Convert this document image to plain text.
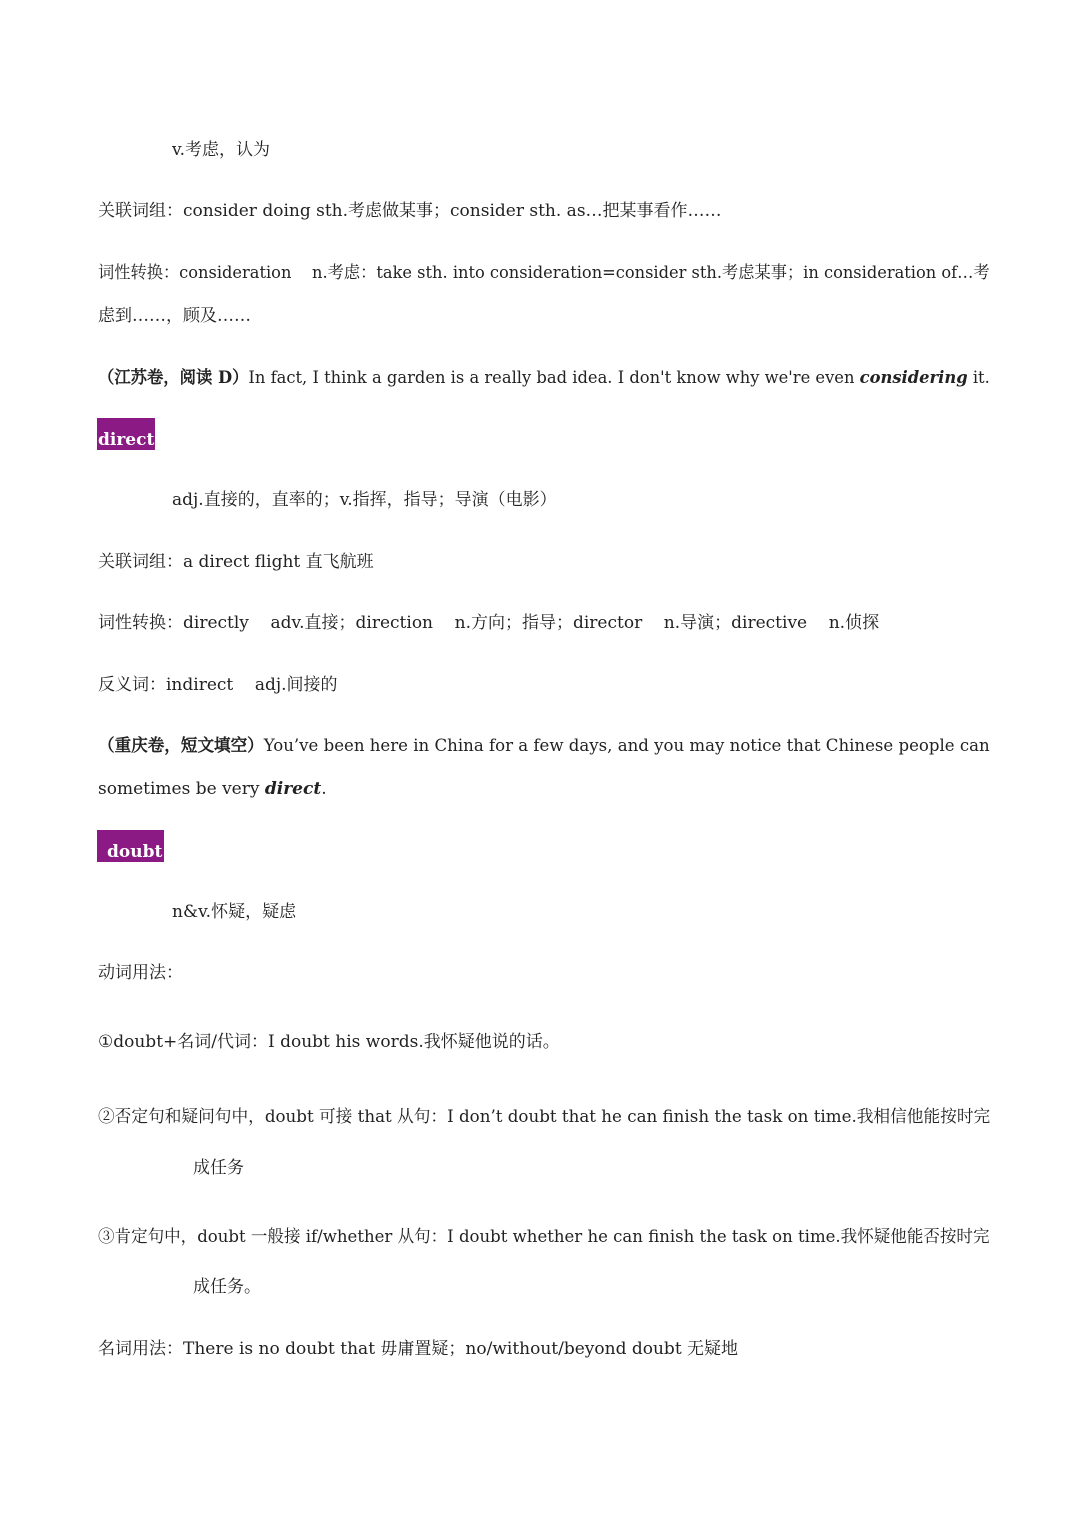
v.考虑，认为
关联词组：consider doing sth.考虑做某事；consider sth. as…把某事看作……
词性转换：consideration    n.考虑：take sth. into consideration=consider sth.考虑某事；in consideration of…考
虑到……，顾及……
（江苏卷，阅读 D）In fact, I think a garden is a really bad idea. I don't know why we're even considering it.
direct
adj.直接的，直率的；v.指挥，指导；导演（电影）
关联词组：a direct flight 直飞航班
词性转换：directly    adv.直接；direction    n.方向；指导；director    n.导演；directive    n.侦探
反义词：indirect    adj.间接的
（重庆卷，短文填空）You’ve been here in China for a few days, and you may notice that Chinese people can
sometimes be very direct.
doubt
n&v.怀疑，疑虑
动词用法：
①doubt+名词/代词：I doubt his words.我怀疑他说的话。
②否定句和疑问句中，doubt 可接 that 从句：I don’t doubt that he can finish the task on time.我相信他能按时完
成任务
③肯定句中，doubt 一般接 if/whether 从句：I doubt whether he can finish the task on time.我怀疑他能否按时完
成任务。
名词用法：There is no doubt that 毋庸置疑；no/without/beyond doubt 无疑地
